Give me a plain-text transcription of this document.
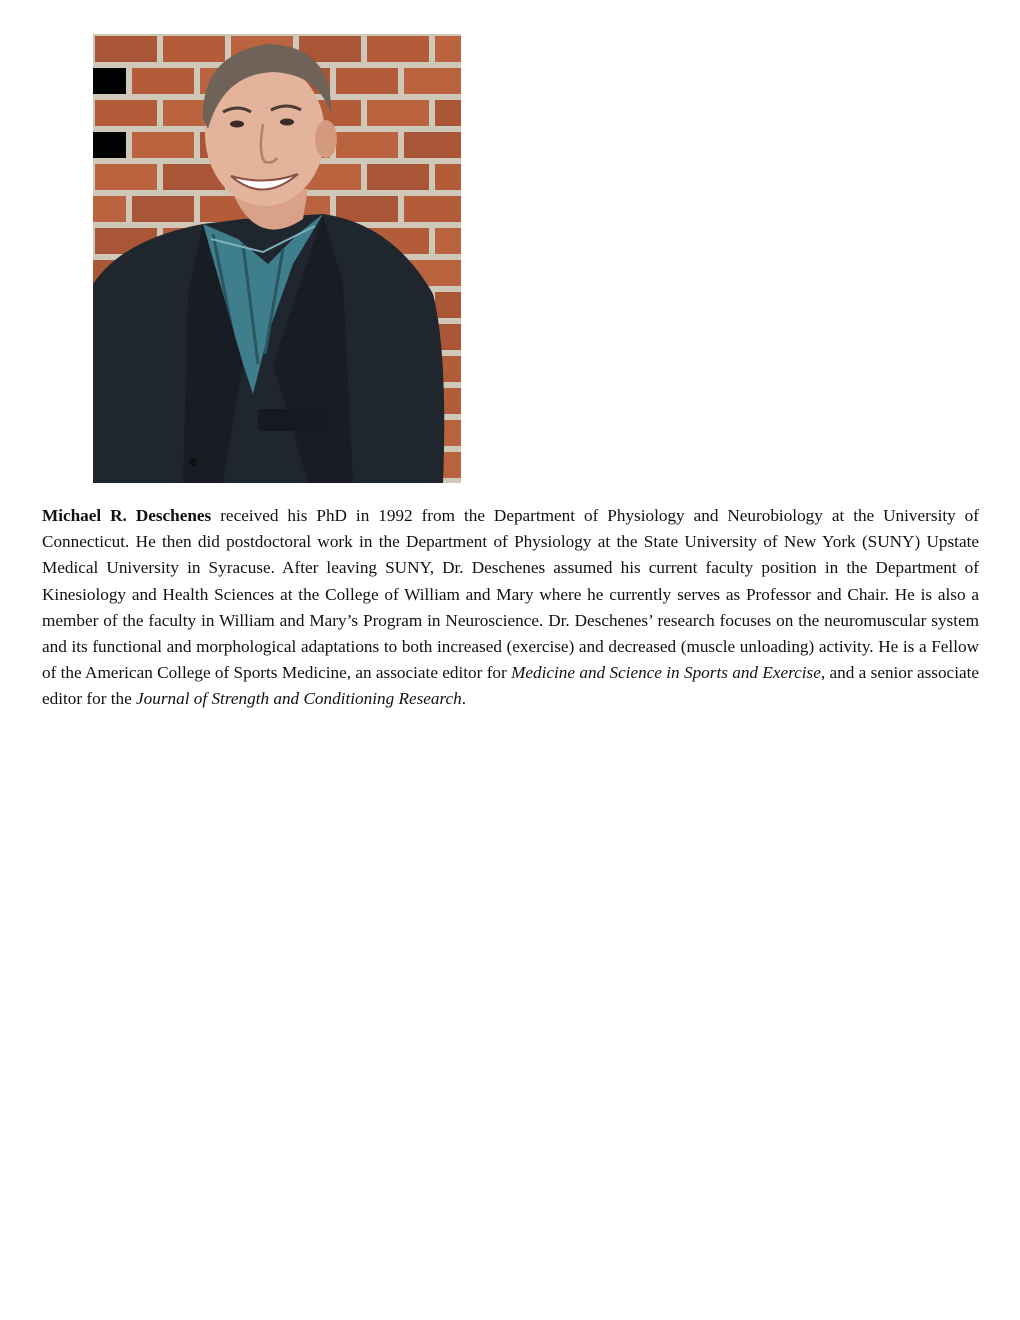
Michael R. Deschenes received his PhD in 1992 from the Department of Physiology and Neurobiology at the University of Connecticut. He then did postdoctoral work in the Department of Physiology at the State University of New York (SUNY) Upstate Medical University in Syracuse. After leaving SUNY, Dr. Deschenes assumed his current faculty position in the Department of Kinesiology and Health Sciences at the College of William and Mary where he currently serves as Professor and Chair. He is also a member of the faculty in William and Mary’s Program in Neuroscience. Dr. Deschenes’ research focuses on the neuromuscular system and its functional and morphological adaptations to both increased (exercise) and decreased (muscle unloading) activity. He is a Fellow of the American College of Sports Medicine, an associate editor for Medicine and Science in Sports and Exercise, and a senior associate editor for the Journal of Strength and Conditioning Research.
